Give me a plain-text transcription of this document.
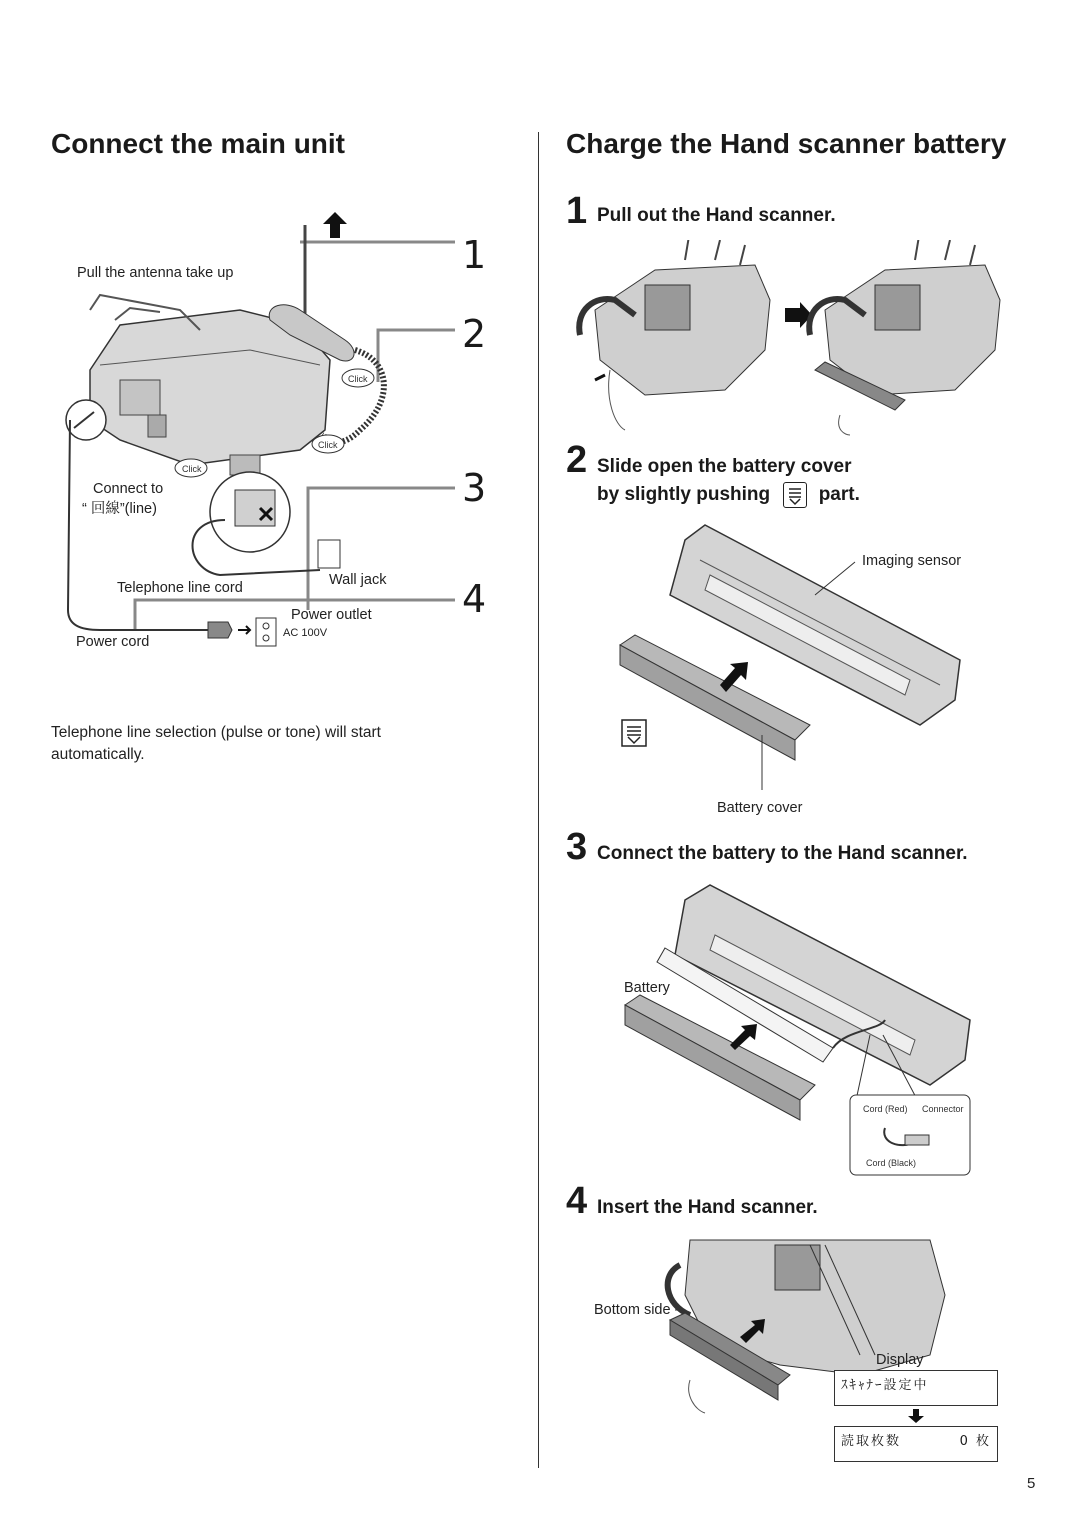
Connect the main unit
Pull the antenna take up	1
2
3
4
Click
Click
Click
Connect to
“ 回線”(line)
Telephone line cord	Wall jack
Power outlet
AC 100V
Power cord
Telephone line selection (pulse or tone) will start automatically.
Charge the Hand scanner battery
1 Pull out the Hand scanner.
2 Slide open the battery cover
by slightly pushing	part.
Imaging sensor
Battery cover
3 Connect the battery to the Hand scanner.
Battery
Cord (Red) Connector
Cord (Black)
4 Insert the Hand scanner.
Bottom side
Display
ｽｷｬﾅｰ設定中
読取枚数	0 枚
5
